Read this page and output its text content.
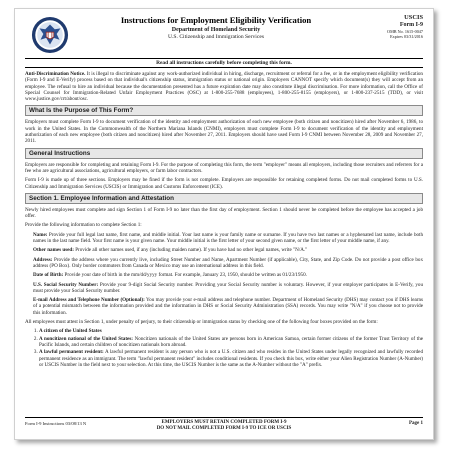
Instructions for Employment Eligibility Verification
Department of Homeland Security
U.S. Citizenship and Immigration Services
USCIS
Form I-9
OMB No. 1615-0047
Expires 03/31/2016
Read all instructions carefully before completing this form.

Anti-Discrimination Notice. It is illegal to discriminate against any work-authorized individual in hiring, discharge, recruitment or referral for a fee, or in the employment eligibility verification (Form I-9 and E-Verify) process based on that individual's citizenship status, immigration status or national origin. Employers CANNOT specify which document(s) they will accept from an employee. The refusal to hire an individual because the documentation presented has a future expiration date may also constitute illegal discrimination. For more information, call the Office of Special Counsel for Immigration-Related Unfair Employment Practices (OSC) at 1-800-255-7688 (employees), 1-800-255-8155 (employers), or 1-800-237-2515 (TDD), or visit www.justice.gov/crt/about/osc.

What Is the Purpose of This Form?

Employers must complete Form I-9 to document verification of the identity and employment authorization of each new employee (both citizen and noncitizen) hired after November 6, 1986, to work in the United States. In the Commonwealth of the Northern Mariana Islands (CNMI), employers must complete Form I-9 to document verification of the identity and employment authorization of each new employee (both citizen and noncitizen) hired after November 27, 2011. Employers should have used Form I-9 CNMI between November 28, 2009 and November 27, 2011.

General Instructions

Employers are responsible for completing and retaining Form I-9. For the purpose of completing this form, the term "employer" means all employers, including those recruiters and referrers for a fee who are agricultural associations, agricultural employers, or farm labor contractors.

Form I-9 is made up of three sections. Employers may be fined if the form is not complete. Employers are responsible for retaining completed forms. Do not mail completed forms to U.S. Citizenship and Immigration Services (USCIS) or Immigration and Customs Enforcement (ICE).

Section 1. Employee Information and Attestation

Newly hired employees must complete and sign Section 1 of Form I-9 no later than the first day of employment. Section 1 should never be completed before the employee has accepted a job offer.

Provide the following information to complete Section 1:

Name: Provide your full legal last name, first name, and middle initial. Your last name is your family name or surname. If you have two last names or a hyphenated last name, include both names in the last name field. Your first name is your given name. Your middle initial is the first letter of your second given name, or the first letter of your middle name, if any.

Other names used: Provide all other names used, if any (including maiden name). If you have had no other legal names, write "N/A."

Address: Provide the address where you currently live, including Street Number and Name, Apartment Number (if applicable), City, State, and Zip Code. Do not provide a post office box address (PO Box). Only border commuters from Canada or Mexico may use an international address in this field.

Date of Birth: Provide your date of birth in the mm/dd/yyyy format. For example, January 23, 1950, should be written as 01/23/1950.

U.S. Social Security Number: Provide your 9-digit Social Security number. Providing your Social Security number is voluntary. However, if your employer participates in E-Verify, you must provide your Social Security number.

E-mail Address and Telephone Number (Optional): You may provide your e-mail address and telephone number. Department of Homeland Security (DHS) may contact you if DHS learns of a potential mismatch between the information provided and the information in DHS or Social Security Administration (SSA) records. You may write "N/A" if you choose not to provide this information.

All employees must attest in Section 1, under penalty of perjury, to their citizenship or immigration status by checking one of the following four boxes provided on the form:

1. A citizen of the United States
2. A noncitizen national of the United States: Noncitizen nationals of the United States are persons born in American Samoa, certain former citizens of the former Trust Territory of the Pacific Islands, and certain children of noncitizen nationals born abroad.
3. A lawful permanent resident: A lawful permanent resident is any person who is not a U.S. citizen and who resides in the United States under legally recognized and lawfully recorded permanent residence as an immigrant. The term "lawful permanent resident" includes conditional residents. If you check this box, write either your Alien Registration Number (A-Number) or USCIS Number in the field next to your selection. At this time, the USCIS Number is the same as the A-Number without the "A" prefix.
Form I-9 Instructions 03/08/13 N	EMPLOYERS MUST RETAIN COMPLETED FORM I-9
DO NOT MAIL COMPLETED FORM I-9 TO ICE OR USCIS
Page 1
